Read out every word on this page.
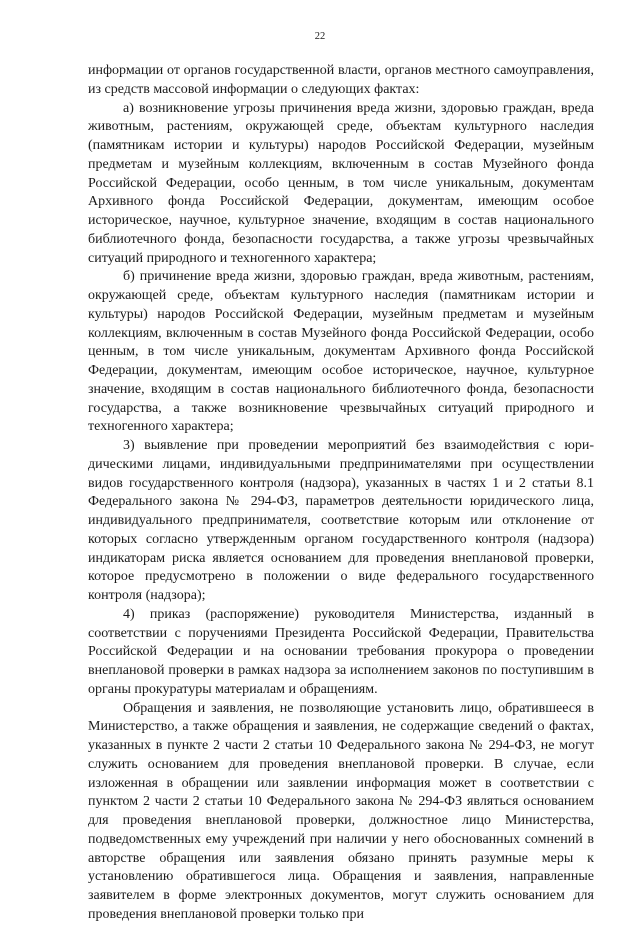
22

информации от органов государственной власти, органов местного самоуправления, из средств массовой информации о следующих фактах:

а) возникновение угрозы причинения вреда жизни, здоровью граждан, вреда животным, растениям, окружающей среде, объектам культурного наследия (памятникам истории и культуры) народов Российской Федерации, музейным предметам и музейным коллекциям, включенным в состав Музейного фонда Российской Федерации, особо ценным, в том числе уникальным, документам Архивного фонда Российской Федерации, документам, имеющим особое историческое, научное, культурное значение, входящим в состав национального библиотечного фонда, безопасности государства, а также угрозы чрезвычайных ситуаций природного и техногенного характера;

б) причинение вреда жизни, здоровью граждан, вреда животным, растениям, окружающей среде, объектам культурного наследия (памятникам истории и культуры) народов Российской Федерации, музейным предметам и музейным коллекциям, включенным в состав Музейного фонда Российской Федерации, особо ценным, в том числе уникальным, документам Архивного фонда Российской Федерации, документам, имеющим особое историческое, научное, культурное значение, входящим в состав национального библиотечного фонда, безопасности государства, а также возникновение чрезвычайных ситуаций природного и техногенного характера;

3) выявление при проведении мероприятий без взаимодействия с юридическими лицами, индивидуальными предпринимателями при осуществлении видов государственного контроля (надзора), указанных в частях 1 и 2 статьи 8.1 Федерального закона № 294-ФЗ, параметров деятельности юридического лица, индивидуального предпринимателя, соответствие которым или отклонение от которых согласно утвержденным органом государственного контроля (надзора) индикаторам риска является основанием для проведения внеплановой проверки, которое предусмотрено в положении о виде федерального государственного контроля (надзора);

4) приказ (распоряжение) руководителя Министерства, изданный в соответствии с поручениями Президента Российской Федерации, Правительства Российской Федерации и на основании требования прокурора о проведении внеплановой проверки в рамках надзора за исполнением законов по поступившим в органы прокуратуры материалам и обращениям.

Обращения и заявления, не позволяющие установить лицо, обратившееся в Министерство, а также обращения и заявления, не содержащие сведений о фактах, указанных в пункте 2 части 2 статьи 10 Федерального закона № 294-ФЗ, не могут служить основанием для проведения внеплановой проверки. В случае, если изложенная в обращении или заявлении информация может в соответствии с пунктом 2 части 2 статьи 10 Федерального закона № 294-ФЗ являться основанием для проведения внеплановой проверки, должностное лицо Министерства, подведомственных ему учреждений при наличии у него обоснованных сомнений в авторстве обращения или заявления обязано принять разумные меры к установлению обратившегося лица. Обращения и заявления, направленные заявителем в форме электронных документов, могут служить основанием для проведения внеплановой проверки только при
